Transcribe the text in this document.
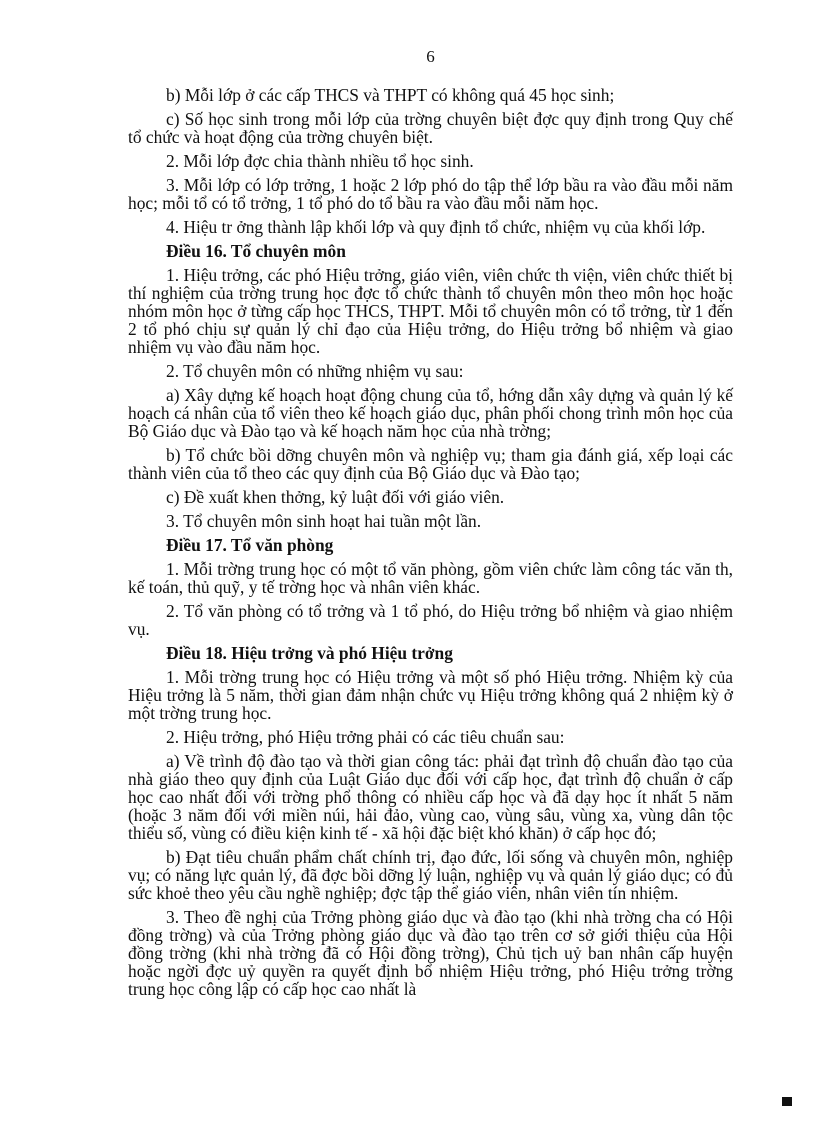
6

b) Mỗi lớp ở các cấp THCS và THPT có không quá 45 học sinh;

c) Số học sinh trong mỗi lớp của trờng chuyên biệt đợc quy định trong Quy chế tổ chức và hoạt động của trờng chuyên biệt.

2. Mỗi lớp đợc chia thành nhiều tổ học sinh.

3. Mỗi lớp có lớp trởng, 1 hoặc 2 lớp phó do tập thể lớp bầu ra vào đầu mỗi năm học; mỗi tổ có tổ trởng, 1 tổ phó do tổ bầu ra vào đầu mỗi năm học.

4. Hiệu tr ởng thành lập khối lớp và quy định tổ chức, nhiệm vụ của khối lớp.

Điều 16. Tổ chuyên môn

1. Hiệu trởng, các phó Hiệu trởng, giáo viên, viên chức th viện, viên chức thiết bị thí nghiệm của trờng trung học đợc tổ chức thành tổ chuyên môn theo môn học hoặc nhóm môn học ở từng cấp học THCS, THPT. Mỗi tổ chuyên môn có tổ trởng, từ 1 đến 2 tổ phó chịu sự quản lý chỉ đạo của Hiệu trởng, do Hiệu trởng bổ nhiệm và giao nhiệm vụ vào đầu năm học.

2. Tổ chuyên môn có những nhiệm vụ sau:

a) Xây dựng kế hoạch hoạt động chung của tổ, hớng dẫn xây dựng và quản lý kế hoạch cá nhân của tổ viên theo kế hoạch giáo dục, phân phối chong trình môn học của Bộ Giáo dục và Đào tạo và kế hoạch năm học của nhà trờng;

b) Tổ chức bồi dỡng chuyên môn và nghiệp vụ; tham gia đánh giá, xếp loại các thành viên của tổ theo các quy định của Bộ Giáo dục và Đào tạo;

c) Đề xuất khen thởng, kỷ luật đối với giáo viên.

3. Tổ chuyên môn sinh hoạt hai tuần một lần.

Điều 17. Tổ văn phòng

1. Mỗi trờng trung học có một tổ văn phòng, gồm viên chức làm công tác văn th, kế toán, thủ quỹ, y tế trờng học và nhân viên khác.

2. Tổ văn phòng có tổ trởng và 1 tổ phó, do Hiệu trởng bổ nhiệm và giao nhiệm vụ.

Điều 18. Hiệu trởng và phó Hiệu trởng

1. Mỗi trờng trung học có Hiệu trởng và một số phó Hiệu trởng. Nhiệm kỳ của Hiệu trởng là 5 năm, thời gian đảm nhận chức vụ Hiệu trởng không quá 2 nhiệm kỳ ở một trờng trung học.

2. Hiệu trởng, phó Hiệu trởng phải có các tiêu chuẩn sau:

a) Về trình độ đào tạo và thời gian công tác: phải đạt trình độ chuẩn đào tạo của nhà giáo theo quy định của Luật Giáo dục đối với cấp học, đạt trình độ chuẩn ở cấp học cao nhất đối với trờng phổ thông có nhiều cấp học và đã dạy học ít nhất 5 năm (hoặc 3 năm đối với miền núi, hải đảo, vùng cao, vùng sâu, vùng xa, vùng dân tộc thiểu số, vùng có điều kiện kinh tế - xã hội đặc biệt khó khăn) ở cấp học đó;

b) Đạt tiêu chuẩn phẩm chất chính trị, đạo đức, lối sống và chuyên môn, nghiệp vụ; có năng lực quản lý, đã đợc bồi dỡng lý luận, nghiệp vụ và quản lý giáo dục; có đủ sức khoẻ theo yêu cầu nghề nghiệp; đợc tập thể giáo viên, nhân viên tín nhiệm.

3. Theo đề nghị của Trởng phòng giáo dục và đào tạo (khi nhà trờng cha có Hội đồng trờng) và của Trởng phòng giáo dục và đào tạo trên cơ sở giới thiệu của Hội đồng trờng (khi nhà trờng đã có Hội đồng trờng), Chủ tịch uỷ ban nhân cấp huyện hoặc ngời đợc uỷ quyền ra quyết định bổ nhiệm Hiệu trởng, phó Hiệu trởng trờng trung học công lập có cấp học cao nhất là
